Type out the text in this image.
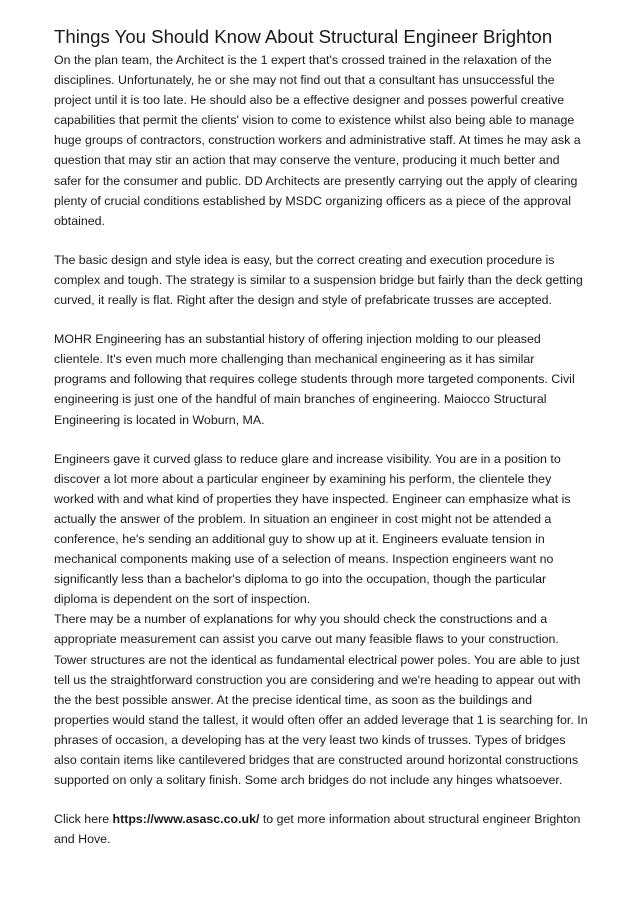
Things You Should Know About Structural Engineer Brighton

On the plan team, the Architect is the 1 expert that's crossed trained in the relaxation of the disciplines. Unfortunately, he or she may not find out that a consultant has unsuccessful the project until it is too late. He should also be a effective designer and posses powerful creative capabilities that permit the clients' vision to come to existence whilst also being able to manage huge groups of contractors, construction workers and administrative staff. At times he may ask a question that may stir an action that may conserve the venture, producing it much better and safer for the consumer and public. DD Architects are presently carrying out the apply of clearing plenty of crucial conditions established by MSDC organizing officers as a piece of the approval obtained.

The basic design and style idea is easy, but the correct creating and execution procedure is complex and tough. The strategy is similar to a suspension bridge but fairly than the deck getting curved, it really is flat. Right after the design and style of prefabricate trusses are accepted.

MOHR Engineering has an substantial history of offering injection molding to our pleased clientele. It's even much more challenging than mechanical engineering as it has similar programs and following that requires college students through more targeted components. Civil engineering is just one of the handful of main branches of engineering. Maiocco Structural Engineering is located in Woburn, MA.

Engineers gave it curved glass to reduce glare and increase visibility. You are in a position to discover a lot more about a particular engineer by examining his perform, the clientele they worked with and what kind of properties they have inspected. Engineer can emphasize what is actually the answer of the problem. In situation an engineer in cost might not be attended a conference, he's sending an additional guy to show up at it. Engineers evaluate tension in mechanical components making use of a selection of means. Inspection engineers want no significantly less than a bachelor's diploma to go into the occupation, though the particular diploma is dependent on the sort of inspection.

There may be a number of explanations for why you should check the constructions and a appropriate measurement can assist you carve out many feasible flaws to your construction. Tower structures are not the identical as fundamental electrical power poles. You are able to just tell us the straightforward construction you are considering and we're heading to appear out with the the best possible answer. At the precise identical time, as soon as the buildings and properties would stand the tallest, it would often offer an added leverage that 1 is searching for. In phrases of occasion, a developing has at the very least two kinds of trusses. Types of bridges also contain items like cantilevered bridges that are constructed around horizontal constructions supported on only a solitary finish. Some arch bridges do not include any hinges whatsoever.

Click here https://www.asasc.co.uk/ to get more information about structural engineer Brighton and Hove.
